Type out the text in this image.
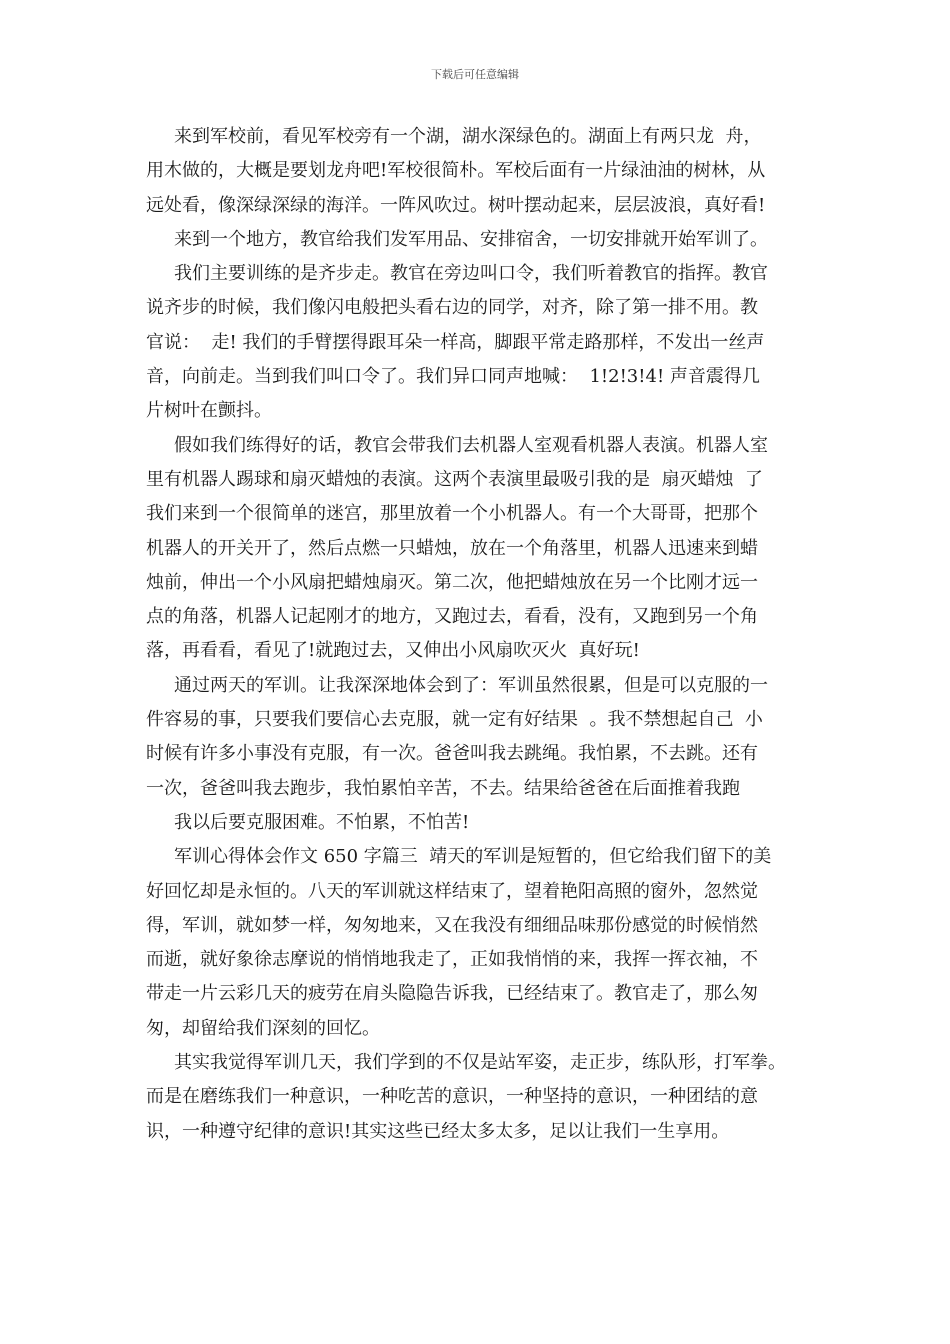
下载后可任意编辑
来到军校前，看见军校旁有一个湖，湖水深绿色的。湖面上有两只龙  舟，
用木做的，大概是要划龙舟吧!军校很简朴。军校后面有一片绿油油的树林，从
远处看，像深绿深绿的海洋。一阵风吹过。树叶摆动起来，层层波浪，真好看!
来到一个地方，教官给我们发军用品、安排宿舍，一切安排就开始军训了。
我们主要训练的是齐步走。教官在旁边叫口令，我们听着教官的指挥。教官
说齐步的时候，我们像闪电般把头看右边的同学，对齐，除了第一排不用。教
官说：  走! 我们的手臂摆得跟耳朵一样高，脚跟平常走路那样，不发出一丝声
音，向前走。当到我们叫口令了。我们异口同声地喊：  1!2!3!4! 声音震得几
片树叶在颤抖。
假如我们练得好的话，教官会带我们去机器人室观看机器人表演。机器人室
里有机器人踢球和扇灭蜡烛的表演。这两个表演里最吸引我的是  扇灭蜡烛  了
我们来到一个很简单的迷宫，那里放着一个小机器人。有一个大哥哥，把那个
机器人的开关开了，然后点燃一只蜡烛，放在一个角落里，机器人迅速来到蜡
烛前，伸出一个小风扇把蜡烛扇灭。第二次，他把蜡烛放在另一个比刚才远一
点的角落，机器人记起刚才的地方，又跑过去，看看，没有，又跑到另一个角
落，再看看，看见了!就跑过去，又伸出小风扇吹灭火  真好玩!
通过两天的军训。让我深深地体会到了：军训虽然很累，但是可以克服的一
件容易的事，只要我们要信心去克服，就一定有好结果  。我不禁想起自己  小
时候有许多小事没有克服，有一次。爸爸叫我去跳绳。我怕累，不去跳。还有
一次，爸爸叫我去跑步，我怕累怕辛苦，不去。结果给爸爸在后面推着我跑
我以后要克服困难。不怕累，不怕苦!
军训心得体会作文 650 字篇三  靖天的军训是短暂的，但它给我们留下的美
好回忆却是永恒的。八天的军训就这样结束了，望着艳阳高照的窗外，忽然觉
得，军训，就如梦一样，匆匆地来，又在我没有细细品味那份感觉的时候悄然
而逝，就好象徐志摩说的悄悄地我走了，正如我悄悄的来，我挥一挥衣袖，不
带走一片云彩几天的疲劳在肩头隐隐告诉我，已经结束了。教官走了，那么匆
匆，却留给我们深刻的回忆。
其实我觉得军训几天，我们学到的不仅是站军姿，走正步，练队形，打军拳。
而是在磨练我们一种意识，一种吃苦的意识，一种坚持的意识，一种团结的意
识，一种遵守纪律的意识!其实这些已经太多太多，足以让我们一生享用。
